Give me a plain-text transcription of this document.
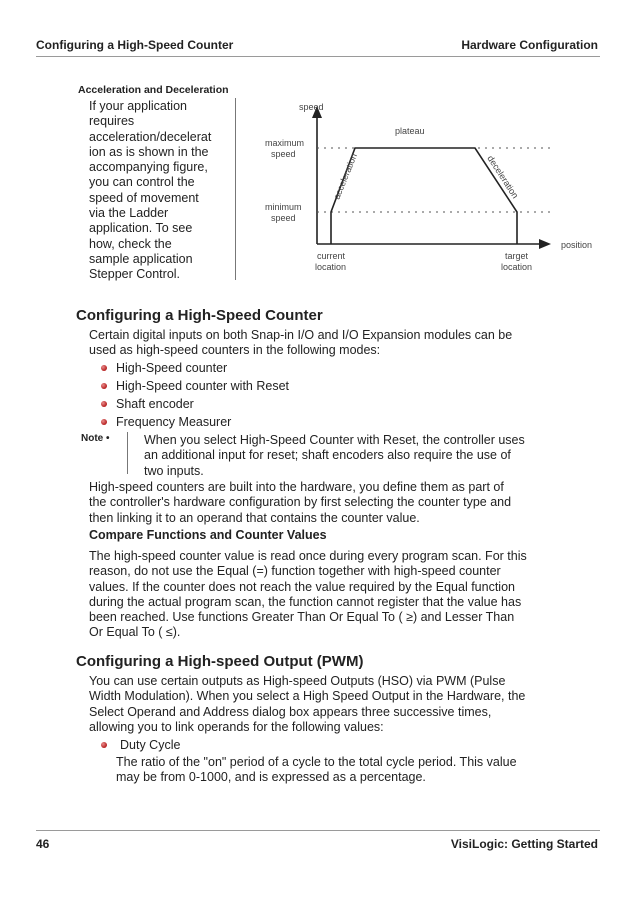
Configuring a High-Speed Counter	Hardware Configuration
Acceleration and Deceleration
If your application
requires
acceleration/decelerat
ion as is shown in the
accompanying figure,
you can control the
speed of movement
via the Ladder
application. To see
how, check the
sample application
Stepper Control.
speed
plateau
maximum
speed
minimum
speed
acceleration	deceleration
position
current
location
target
location
Configuring a High-Speed Counter
Certain digital inputs on both Snap-in I/O and I/O Expansion modules can be
used as high-speed counters in the following modes:
High-Speed counter
High-Speed counter with Reset
Shaft encoder
Frequency Measurer
Note •	When you select High-Speed Counter with Reset, the controller uses
an additional input for reset; shaft encoders also require the use of
two inputs.
High-speed counters are built into the hardware, you define them as part of
the controller's hardware configuration by first selecting the counter type and
then linking it to an operand that contains the counter value.
Compare Functions and Counter Values
The high-speed counter value is read once during every program scan. For this
reason, do not use the Equal (=) function together with high-speed counter
values. If the counter does not reach the value required by the Equal function
during the actual program scan, the function cannot register that the value has
been reached. Use functions Greater Than Or Equal To ( ≥) and Lesser Than
Or Equal To ( ≤).
Configuring a High-speed Output (PWM)
You can use certain outputs as High-speed Outputs (HSO) via PWM (Pulse
Width Modulation). When you select a High Speed Output in the Hardware, the
Select Operand and Address dialog box appears three successive times,
allowing you to link operands for the following values:
Duty Cycle
The ratio of the "on" period of a cycle to the total cycle period. This value
may be from 0-1000, and is expressed as a percentage.
46	VisiLogic: Getting Started
